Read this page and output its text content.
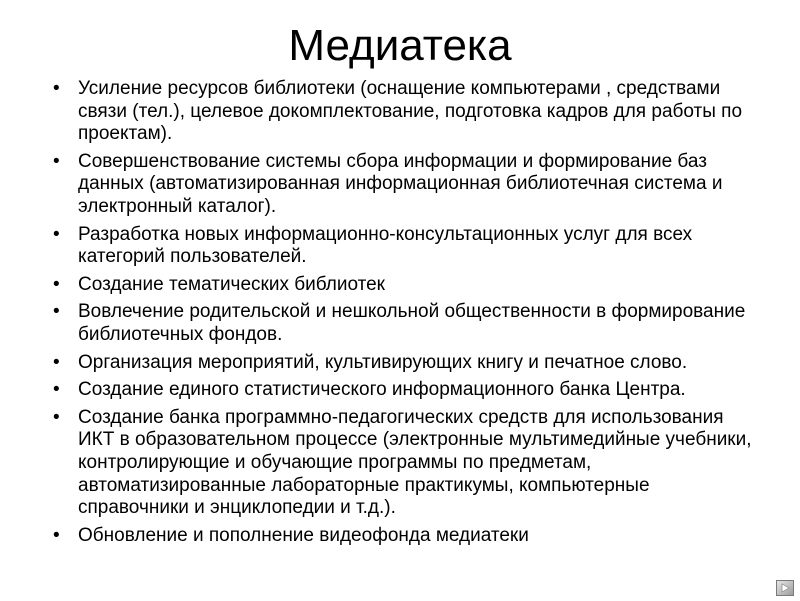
Медиатека
• Усиление ресурсов библиотеки (оснащение компьютерами , средствами связи (тел.), целевое докомплектование, подготовка кадров для работы по проектам).
• Совершенствование системы сбора информации и формирование баз данных (автоматизированная информационная библиотечная система и электронный каталог).
• Разработка новых информационно-консультационных услуг для всех категорий пользователей.
• Создание тематических библиотек
• Вовлечение родительской и нешкольной общественности в формирование библиотечных фондов.
• Организация мероприятий, культивирующих книгу и печатное слово.
• Создание единого статистического информационного банка Центра.
• Создание банка программно-педагогических средств для использования ИКТ в образовательном процессе (электронные мультимедийные учебники, контролирующие и обучающие программы по предметам, автоматизированные лабораторные практикумы, компьютерные справочники и энциклопедии и т.д.).
• Обновление и пополнение видеофонда медиатеки
